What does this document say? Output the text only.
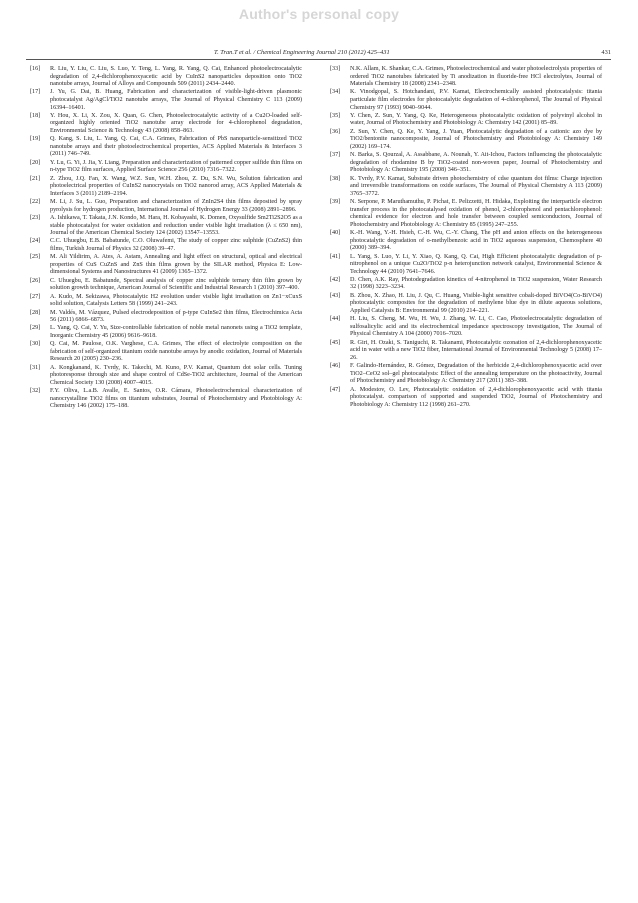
Author's personal copy
T. Tran.T et al. / Chemical Engineering Journal 210 (2012) 425–431	431
[16] R. Liu, Y. Liu, C. Liu, S. Luo, Y. Teng, L. Yang, R. Yang, Q. Cai, Enhanced photoelectrocatalytic degradation of 2,4-dichlorophenoxyacetic acid by CuInS2 nanoparticles deposition onto TiO2 nanotube arrays, Journal of Alloys and Compounds 509 (2011) 2434–2440.
[17] J. Yu, G. Dai, B. Huang, Fabrication and characterization of visible-light-driven plasmonic photocatalyst Ag/AgCl/TiO2 nanotube arrays, The Journal of Physical Chemistry C 113 (2009) 16394–16401.
[18] Y. Hou, X. Li, X. Zou, X. Quan, G. Chen, Photoelectrocatalytic activity of a Cu2O-loaded self-organized highly oriented TiO2 nanotube array electrode for 4-chlorophenol degradation, Environmental Science & Technology 43 (2008) 858–863.
[19] Q. Kang, S. Liu, L. Yang, Q. Cai, C.A. Grimes, Fabrication of PbS nanoparticle-sensitized TiO2 nanotube arrays and their photoelectrochemical properties, ACS Applied Materials & Interfaces 3 (2011) 746–749.
[20] Y. Lu, G. Yi, J. Jia, Y. Liang, Preparation and characterization of patterned copper sulfide thin films on n-type TiO2 film surfaces, Applied Surface Science 256 (2010) 7316–7322.
[21] Z. Zhou, J.Q. Fan, X. Wang, W.Z. Sun, W.H. Zhou, Z. Du, S.N. Wu, Solution fabrication and photoelectrical properties of CuInS2 nanocrystals on TiO2 nanorod array, ACS Applied Materials & Interfaces 3 (2011) 2189–2194.
[22] M. Li, J. Su, L. Guo, Preparation and characterization of ZnIn2S4 thin films deposited by spray pyrolysis for hydrogen production, International Journal of Hydrogen Energy 33 (2008) 2891–2896.
[23] A. Ishikawa, T. Takata, J.N. Kondo, M. Hara, H. Kobayashi, K. Domen, Oxysulfide Sm2Ti2S2O5 as a stable photocatalyst for water oxidation and reduction under visible light irradiation (λ ≤ 650 nm), Journal of the American Chemical Society 124 (2002) 13547–13553.
[24] C.C. Uhuegbu, E.B. Babatunde, C.O. Oluwafemi, The study of copper zinc sulphide (CuZnS2) thin films, Turkish Journal of Physics 32 (2008) 39–47.
[25] M. Ali Yildirim, A. Ates, A. Astam, Annealing and light effect on structural, optical and electrical properties of CuS CuZnS and ZnS thin films grown by the SILAR method, Physica E: Low-dimensional Systems and Nanostructures 41 (2009) 1365–1372.
[26] C. Uhuegbu, E. Babatunde, Spectral analysis of copper zinc sulphide ternary thin film grown by solution growth technique, American Journal of Scientific and Industrial Research 1 (2010) 397–400.
[27] A. Kudo, M. Sekizawa, Photocatalytic H2 evolution under visible light irradiation on Zn1−xCuxS solid solution, Catalysis Letters 58 (1999) 241–243.
[28] M. Valdés, M. Vázquez, Pulsed electrodeposition of p-type CuInSe2 thin films, Electrochimica Acta 56 (2011) 6866–6873.
[29] L. Yang, Q. Cai, Y. Yu, Size-controllable fabrication of noble metal nanonets using a TiO2 template, Inorganic Chemistry 45 (2006) 9616–9618.
[30] Q. Cai, M. Paulose, O.K. Varghese, C.A. Grimes, The effect of electrolyte composition on the fabrication of self-organized titanium oxide nanotube arrays by anodic oxidation, Journal of Materials Research 20 (2005) 230–236.
[31] A. Kongkanand, K. Tvrdy, K. Takechi, M. Kuno, P.V. Kamat, Quantum dot solar cells. Tuning photoresponse through size and shape control of CdSe-TiO2 architecture, Journal of the American Chemical Society 130 (2008) 4007–4015.
[32] F.Y. Oliva, L.a.B. Avalle, E. Santos, O.R. Cámara, Photoelectrochemical characterization of nanocrystalline TiO2 films on titanium substrates, Journal of Photochemistry and Photobiology A: Chemistry 146 (2002) 175–188.
[33] N.K. Allam, K. Shankar, C.A. Grimes, Photoelectrochemical and water photoelectrolysis properties of ordered TiO2 nanotubes fabricated by Ti anodization in fluoride-free HCl electrolytes, Journal of Materials Chemistry 18 (2008) 2341–2348.
[34] K. Vinodgopal, S. Hotchandani, P.V. Kamat, Electrochemically assisted photocatalysis: titania particulate film electrodes for photocatalytic degradation of 4-chlorophenol, The Journal of Physical Chemistry 97 (1993) 9040–9044.
[35] Y. Chen, Z. Sun, Y. Yang, Q. Ke, Heterogeneous photocatalytic oxidation of polyvinyl alcohol in water, Journal of Photochemistry and Photobiology A: Chemistry 142 (2001) 85–89.
[36] Z. Sun, Y. Chen, Q. Ke, Y. Yang, J. Yuan, Photocatalytic degradation of a cationic azo dye by TiO2/bentonite nanocomposite, Journal of Photochemistry and Photobiology A: Chemistry 149 (2002) 169–174.
[37] N. Barka, S. Qourzal, A. Assabbane, A. Nounah, Y. Ait-Ichou, Factors influencing the photocatalytic degradation of rhodamine B by TiO2-coated non-woven paper, Journal of Photochemistry and Photobiology A: Chemistry 195 (2008) 346–351.
[38] K. Tvrdy, P.V. Kamat, Substrate driven photochemistry of cdse quantum dot films: Charge injection and irreversible transformations on oxide surfaces, The Journal of Physical Chemistry A 113 (2009) 3765–3772.
[39] N. Serpone, P. Maruthamuthu, P. Pichat, E. Pelizzetti, H. Hidaka, Exploiting the interparticle electron transfer process in the photocatalysed oxidation of phenol, 2-chlorophenol and pentachlorophenol: chemical evidence for electron and hole transfer between coupled semiconductors, Journal of Photochemistry and Photobiology A: Chemistry 85 (1995) 247–255.
[40] K.-H. Wang, Y.-H. Hsieh, C.-H. Wu, C.-Y. Chang, The pH and anion effects on the heterogeneous photocatalytic degradation of o-methylbenzoic acid in TiO2 aqueous suspension, Chemosphere 40 (2000) 389–394.
[41] L. Yang, S. Luo, Y. Li, Y. Xiao, Q. Kang, Q. Cai, High Efficient photocatalytic degradation of p-nitrophenol on a unique Cu2O/TiO2 p-n heterojunction network catalyst, Environmental Science & Technology 44 (2010) 7641–7646.
[42] D. Chen, A.K. Ray, Photodegradation kinetics of 4-nitrophenol in TiO2 suspension, Water Research 32 (1998) 3223–3234.
[43] B. Zhou, X. Zhao, H. Liu, J. Qu, C. Huang, Visible-light sensitive cobalt-doped BiVO4(Co-BiVO4) photocatalytic composites for the degradation of methylene blue dye in dilute aqueous solutions, Applied Catalysis B: Environmental 99 (2010) 214–221.
[44] H. Liu, S. Cheng, M. Wu, H. Wu, J. Zhang, W. Li, C. Cao, Photoelectrocatalytic degradation of sulfosalicylic acid and its electrochemical impedance spectroscopy investigation, The Journal of Physical Chemistry A 104 (2000) 7016–7020.
[45] R. Giri, H. Ozaki, S. Taniguchi, R. Takanami, Photocatalytic ozonation of 2,4-dichlorophenoxyacetic acid in water with a new TiO2 fiber, International Journal of Environmental Technology 5 (2008) 17–26.
[46] F. Galindo-Hernández, R. Gómez, Degradation of the herbicide 2,4-dichlorophenoxyacetic acid over TiO2–CeO2 sol–gel photocatalysts: Effect of the annealing temperature on the photoactivity, Journal of Photochemistry and Photobiology A: Chemistry 217 (2011) 383–388.
[47] A. Modestov, O. Lev, Photocatalytic oxidation of 2,4-dichlorophenoxyacetic acid with titania photocatalyst. comparison of supported and suspended TiO2, Journal of Photochemistry and Photobiology A: Chemistry 112 (1998) 261–270.
